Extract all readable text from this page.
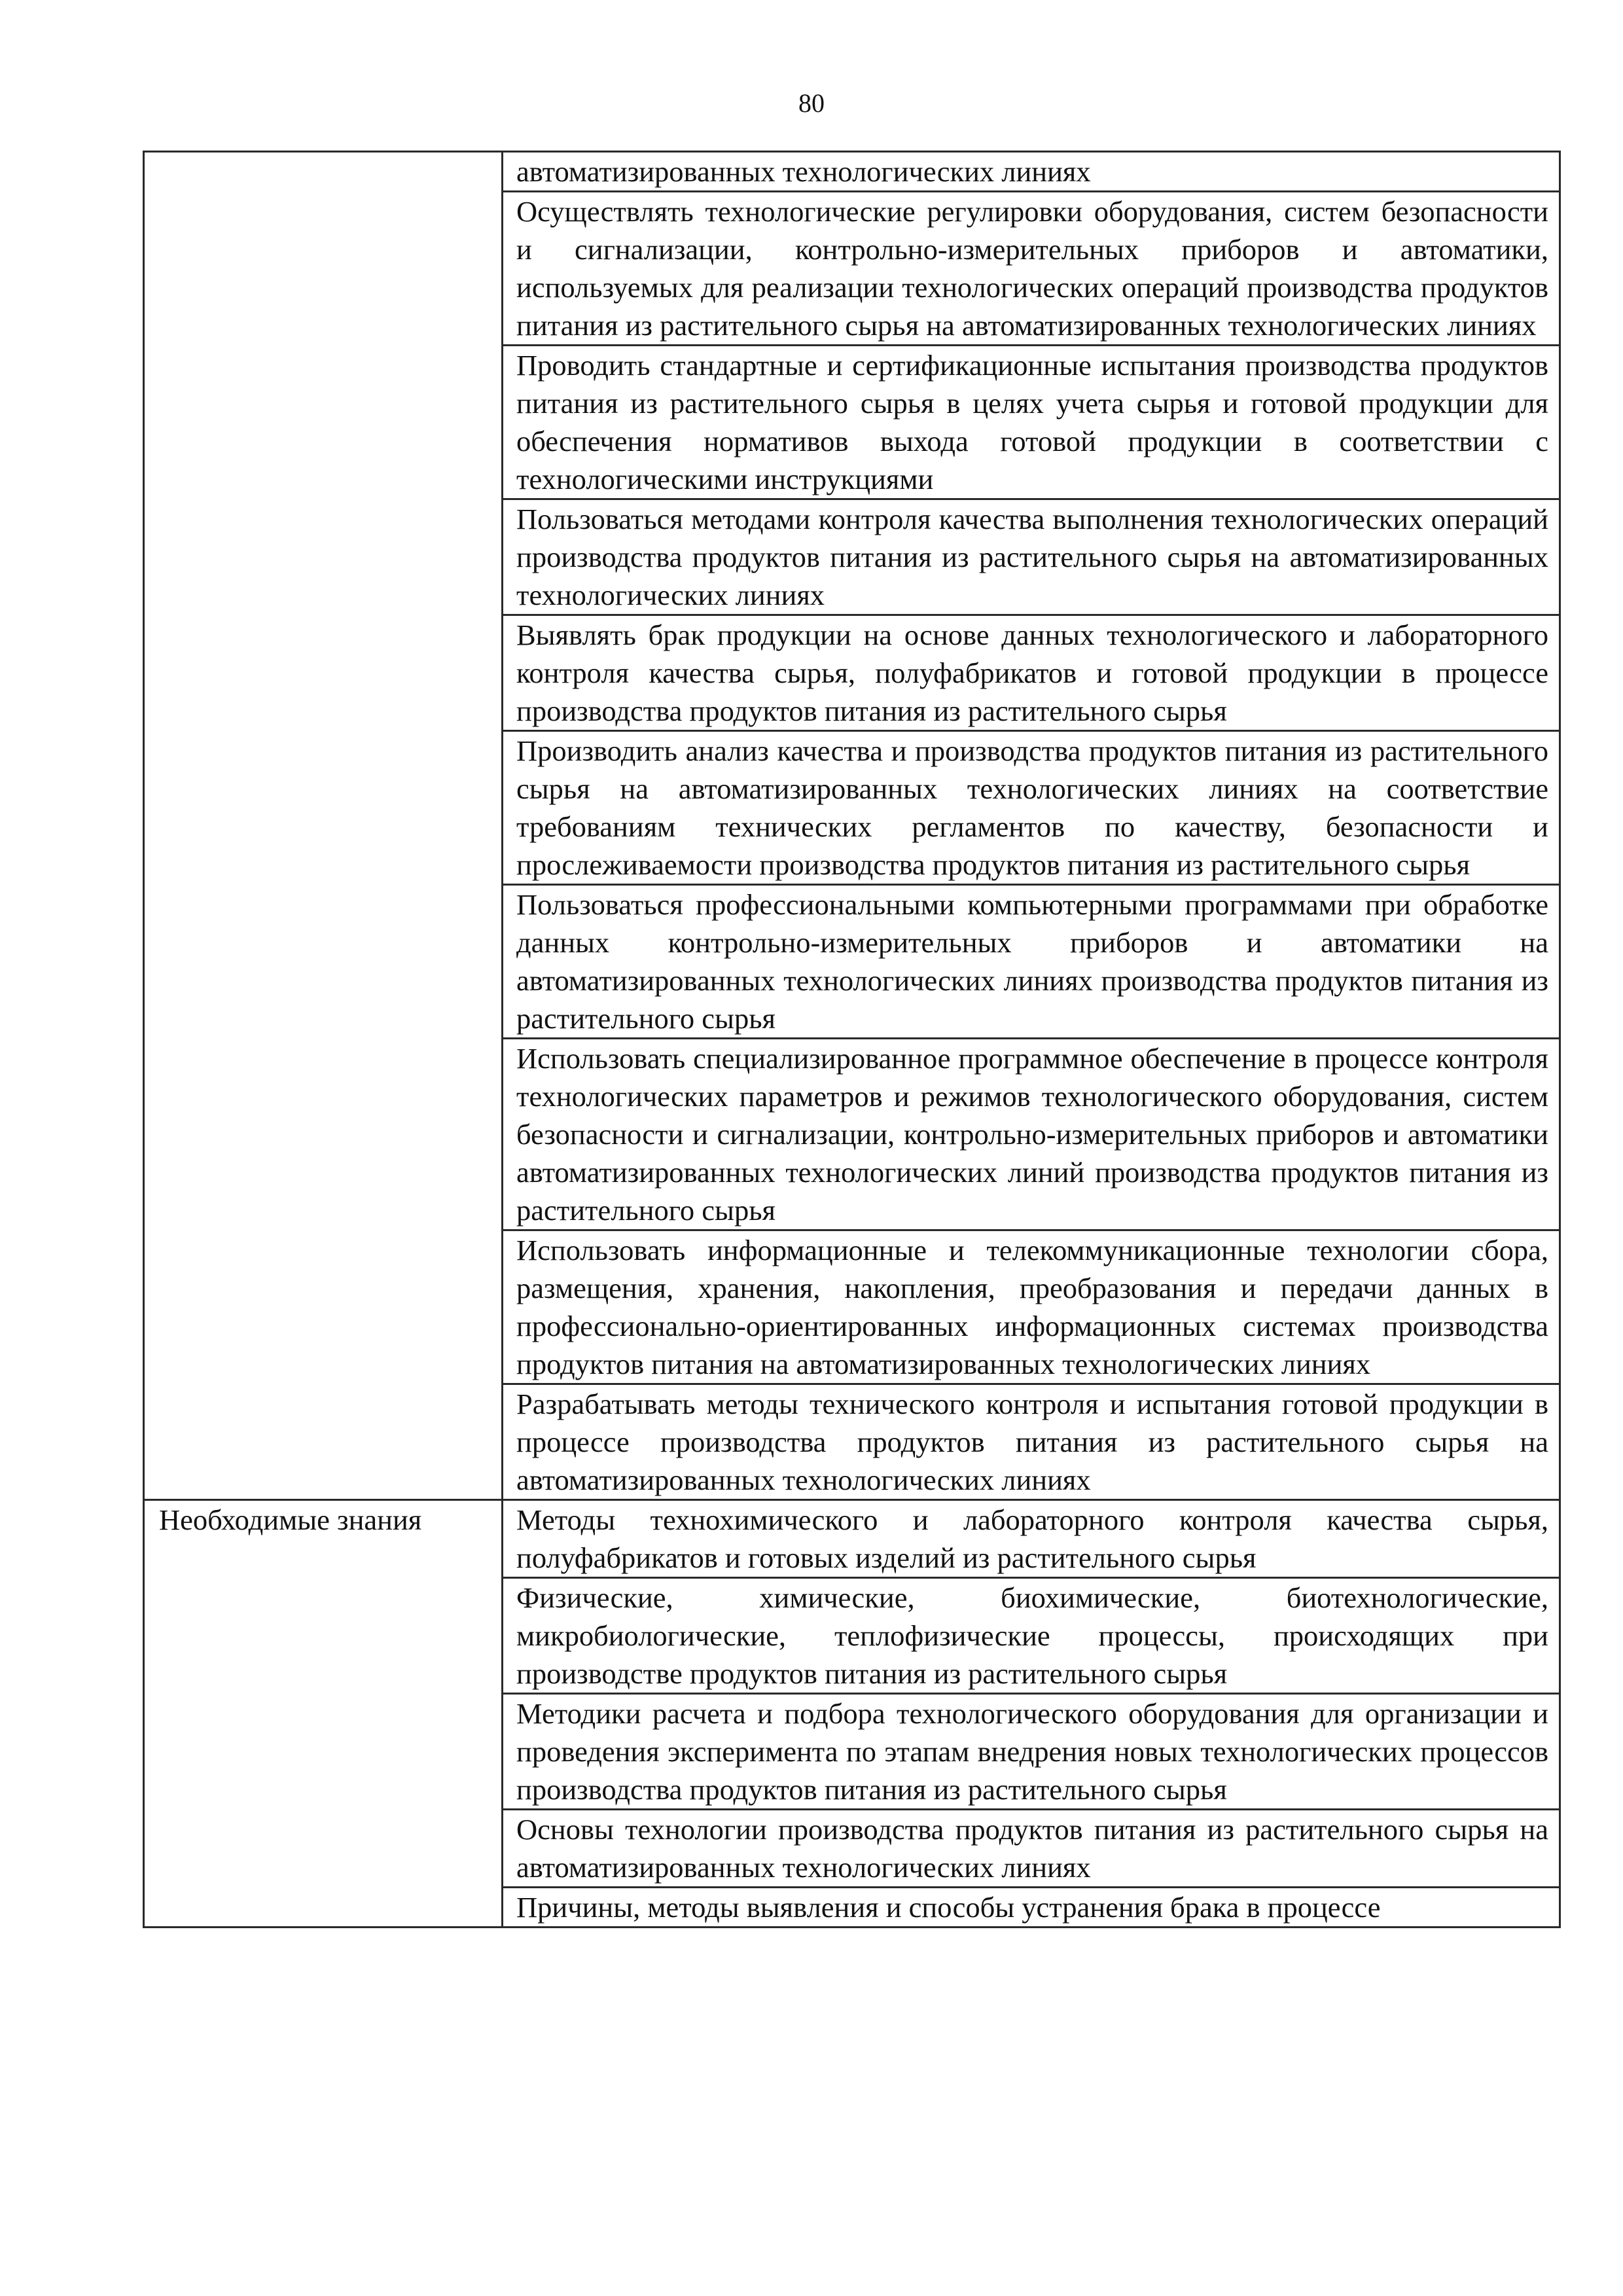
80
	автоматизированных технологических линиях
	Осуществлять технологические регулировки оборудования, систем безопасности и сигнализации, контрольно-измерительных приборов и автоматики, используемых для реализации технологических операций производства продуктов питания из растительного сырья на автоматизированных технологических линиях
	Проводить стандартные и сертификационные испытания производства продуктов питания из растительного сырья в целях учета сырья и готовой продукции для обеспечения нормативов выхода готовой продукции в соответствии с технологическими инструкциями
	Пользоваться методами контроля качества выполнения технологических операций производства продуктов питания из растительного сырья на автоматизированных технологических линиях
	Выявлять брак продукции на основе данных технологического и лабораторного контроля качества сырья, полуфабрикатов и готовой продукции в процессе производства продуктов питания из растительного сырья
	Производить анализ качества и производства продуктов питания из растительного сырья на автоматизированных технологических линиях на соответствие требованиям технических регламентов по качеству, безопасности и прослеживаемости производства продуктов питания из растительного сырья
	Пользоваться профессиональными компьютерными программами при обработке данных контрольно-измерительных приборов и автоматики на автоматизированных технологических линиях производства продуктов питания из растительного сырья
	Использовать специализированное программное обеспечение в процессе контроля технологических параметров и режимов технологического оборудования, систем безопасности и сигнализации, контрольно-измерительных приборов и автоматики автоматизированных технологических линий производства продуктов питания из растительного сырья
	Использовать информационные и телекоммуникационные технологии сбора, размещения, хранения, накопления, преобразования и передачи данных в профессионально-ориентированных информационных системах производства продуктов питания на автоматизированных технологических линиях
	Разрабатывать методы технического контроля и испытания готовой продукции в процессе производства продуктов питания из растительного сырья на автоматизированных технологических линиях
Необходимые знания	Методы технохимического и лабораторного контроля качества сырья, полуфабрикатов и готовых изделий из растительного сырья
	Физические, химические, биохимические, биотехнологические, микробиологические, теплофизические процессы, происходящих при производстве продуктов питания из растительного сырья
	Методики расчета и подбора технологического оборудования для организации и проведения эксперимента по этапам внедрения новых технологических процессов производства продуктов питания из растительного сырья
	Основы технологии производства продуктов питания из растительного сырья на автоматизированных технологических линиях
	Причины, методы выявления и способы устранения брака в процессе
